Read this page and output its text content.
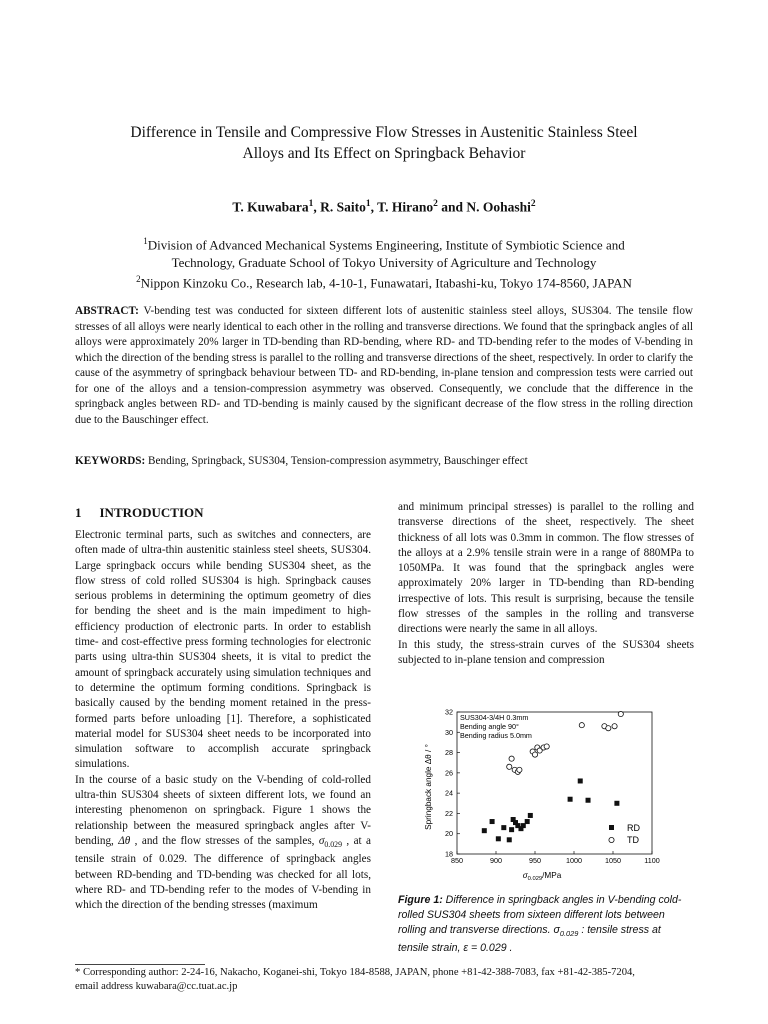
Difference in Tensile and Compressive Flow Stresses in Austenitic Stainless Steel
Alloys and Its Effect on Springback Behavior
T. Kuwabara$^1$, R. Saito$^1$, T. Hirano$^2$ and N. Oohashi$^2$
$^1$Division of Advanced Mechanical Systems Engineering, Institute of Symbiotic Science and
Technology, Graduate School of Tokyo University of Agriculture and Technology
$^2$Nippon Kinzoku Co., Research lab, 4-10-1, Funawatari, Itabashi-ku, Tokyo 174-8560, JAPAN
ABSTRACT: V-bending test was conducted for sixteen different lots of austenitic stainless steel alloys, SUS304. The tensile flow stresses of all alloys were nearly identical to each other in the rolling and transverse directions. We found that the springback angles of all alloys were approximately 20% larger in TD-bending than RD-bending, where RD- and TD-bending refer to the modes of V-bending in which the direction of the bending stress is parallel to the rolling and transverse directions of the sheet, respectively. In order to clarify the cause of the asymmetry of springback behaviour between TD- and RD-bending, in-plane tension and compression tests were carried out for one of the alloys and a tension-compression asymmetry was observed. Consequently, we conclude that the difference in the springback angles between RD- and TD-bending is mainly caused by the significant decrease of the flow stress in the rolling direction due to the Bauschinger effect.
KEYWORDS: Bending, Springback, SUS304, Tension-compression asymmetry, Bauschinger effect
1 INTRODUCTION
Electronic terminal parts, such as switches and connecters, are often made of ultra-thin austenitic stainless steel sheets, SUS304. Large springback occurs while bending SUS304 sheet, as the flow stress of cold rolled SUS304 is high. Springback causes serious problems in determining the optimum geometry of dies for bending the sheet and is the main impediment to high-efficiency production of electronic parts. In order to establish time- and cost-effective press forming technologies for electronic parts using ultra-thin SUS304 sheets, it is vital to predict the amount of springback accurately using simulation techniques and to determine the optimum forming conditions. Springback is basically caused by the bending moment retained in the press-formed parts before unloading [1]. Therefore, a sophisticated material model for SUS304 sheet needs to be incorporated into simulation software to accomplish accurate springback simulations.
In the course of a basic study on the V-bending of cold-rolled ultra-thin SUS304 sheets of sixteen different lots, we found an interesting phenomenon on springback. Figure 1 shows the relationship between the measured springback angles after V-bending, Δθ , and the flow stresses of the samples, $\sigma_{0.029}$ , at a tensile strain of 0.029. The difference of springback angles between RD-bending and TD-bending was checked for all lots, where RD- and TD-bending refer to the modes of V-bending in which the direction of the bending stresses (maximum
and minimum principal stresses) is parallel to the rolling and transverse directions of the sheet, respectively. The sheet thickness of all lots was 0.3mm in common. The flow stresses of the alloys at a 2.9% tensile strain were in a range of 880MPa to 1050MPa. It was found that the springback angles were approximately 20% larger in TD-bending than RD-bending irrespective of lots. This result is surprising, because the tensile flow stresses of the samples in the rolling and transverse directions were nearly the same in all alloys.
In this study, the stress-strain curves of the SUS304 sheets subjected to in-plane tension and compression
850	900	950	1000	1050	1100
18
20
22
24
26
28
30
32
SUS304-3/4H 0.3mm
Bending angle 90°
Bending radius 5.0mm
Springback angle Δθ / °
$\sigma_{0.029}$/MPa
RD
TD
Figure 1: Difference in springback angles in V-bending cold-rolled SUS304 sheets from sixteen different lots between rolling and transverse directions. $\sigma_{0.029}$ : tensile stress at tensile strain, ε = 0.029 .
* Corresponding author: 2-24-16, Nakacho, Koganei-shi, Tokyo 184-8588, JAPAN, phone +81-42-388-7083, fax +81-42-385-7204,
email address kuwabara@cc.tuat.ac.jp
